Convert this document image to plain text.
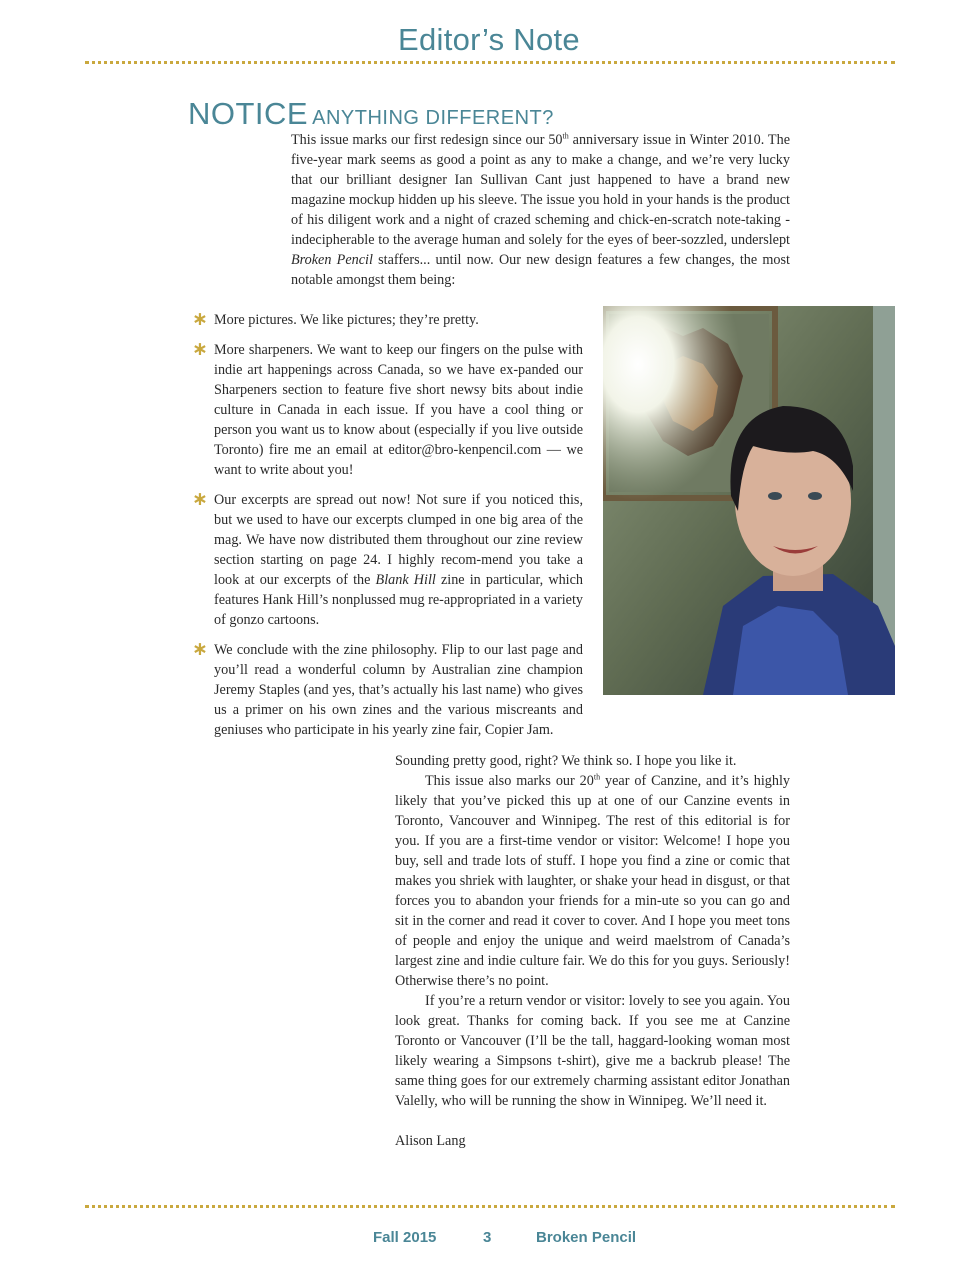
Editor’s Note
NOTICE ANYTHING DIFFERENT?
This issue marks our first redesign since our 50th anniversary issue in Winter 2010. The five-year mark seems as good a point as any to make a change, and we’re very lucky that our brilliant designer Ian Sullivan Cant just happened to have a brand new magazine mockup hidden up his sleeve. The issue you hold in your hands is the product of his diligent work and a night of crazed scheming and chick-en-scratch note-taking - indecipherable to the average human and solely for the eyes of beer-sozzled, underslept Broken Pencil staffers... until now. Our new design features a few changes, the most notable amongst them being:
∗ More pictures. We like pictures; they’re pretty.
∗ More sharpeners. We want to keep our fingers on the pulse with indie art happenings across Canada, so we have ex-panded our Sharpeners section to feature five short newsy bits about indie culture in Canada in each issue. If you have a cool thing or person you want us to know about (especially if you live outside Toronto) fire me an email at editor@bro-kenpencil.com — we want to write about you!
∗ Our excerpts are spread out now! Not sure if you noticed this, but we used to have our excerpts clumped in one big area of the mag. We have now distributed them throughout our zine review section starting on page 24. I highly recom-mend you take a look at our excerpts of the Blank Hill zine in particular, which features Hank Hill’s nonplussed mug re-appropriated in a variety of gonzo cartoons.
∗ We conclude with the zine philosophy. Flip to our last page and you’ll read a wonderful column by Australian zine champion Jeremy Staples (and yes, that’s actually his last name) who gives us a primer on his own zines and the various miscreants and geniuses who participate in his yearly zine fair, Copier Jam.

Sounding pretty good, right? We think so. I hope you like it.

This issue also marks our 20th year of Canzine, and it’s highly likely that you’ve picked this up at one of our Canzine events in Toronto, Vancouver and Winnipeg. The rest of this editorial is for you. If you are a first-time vendor or visitor: Welcome! I hope you buy, sell and trade lots of stuff. I hope you find a zine or comic that makes you shriek with laughter, or shake your head in disgust, or that forces you to abandon your friends for a min-ute so you can go and sit in the corner and read it cover to cover. And I hope you meet tons of people and enjoy the unique and weird maelstrom of Canada’s largest zine and indie culture fair. We do this for you guys. Seriously! Otherwise there’s no point.

If you’re a return vendor or visitor: lovely to see you again. You look great. Thanks for coming back. If you see me at Canzine Toronto or Vancouver (I’ll be the tall, haggard-looking woman most likely wearing a Simpsons t-shirt), give me a backrub please! The same thing goes for our extremely charming assistant editor Jonathan Valelly, who will be running the show in Winnipeg. We’ll need it.

Alison Lang

Fall 2015	3	Broken Pencil
